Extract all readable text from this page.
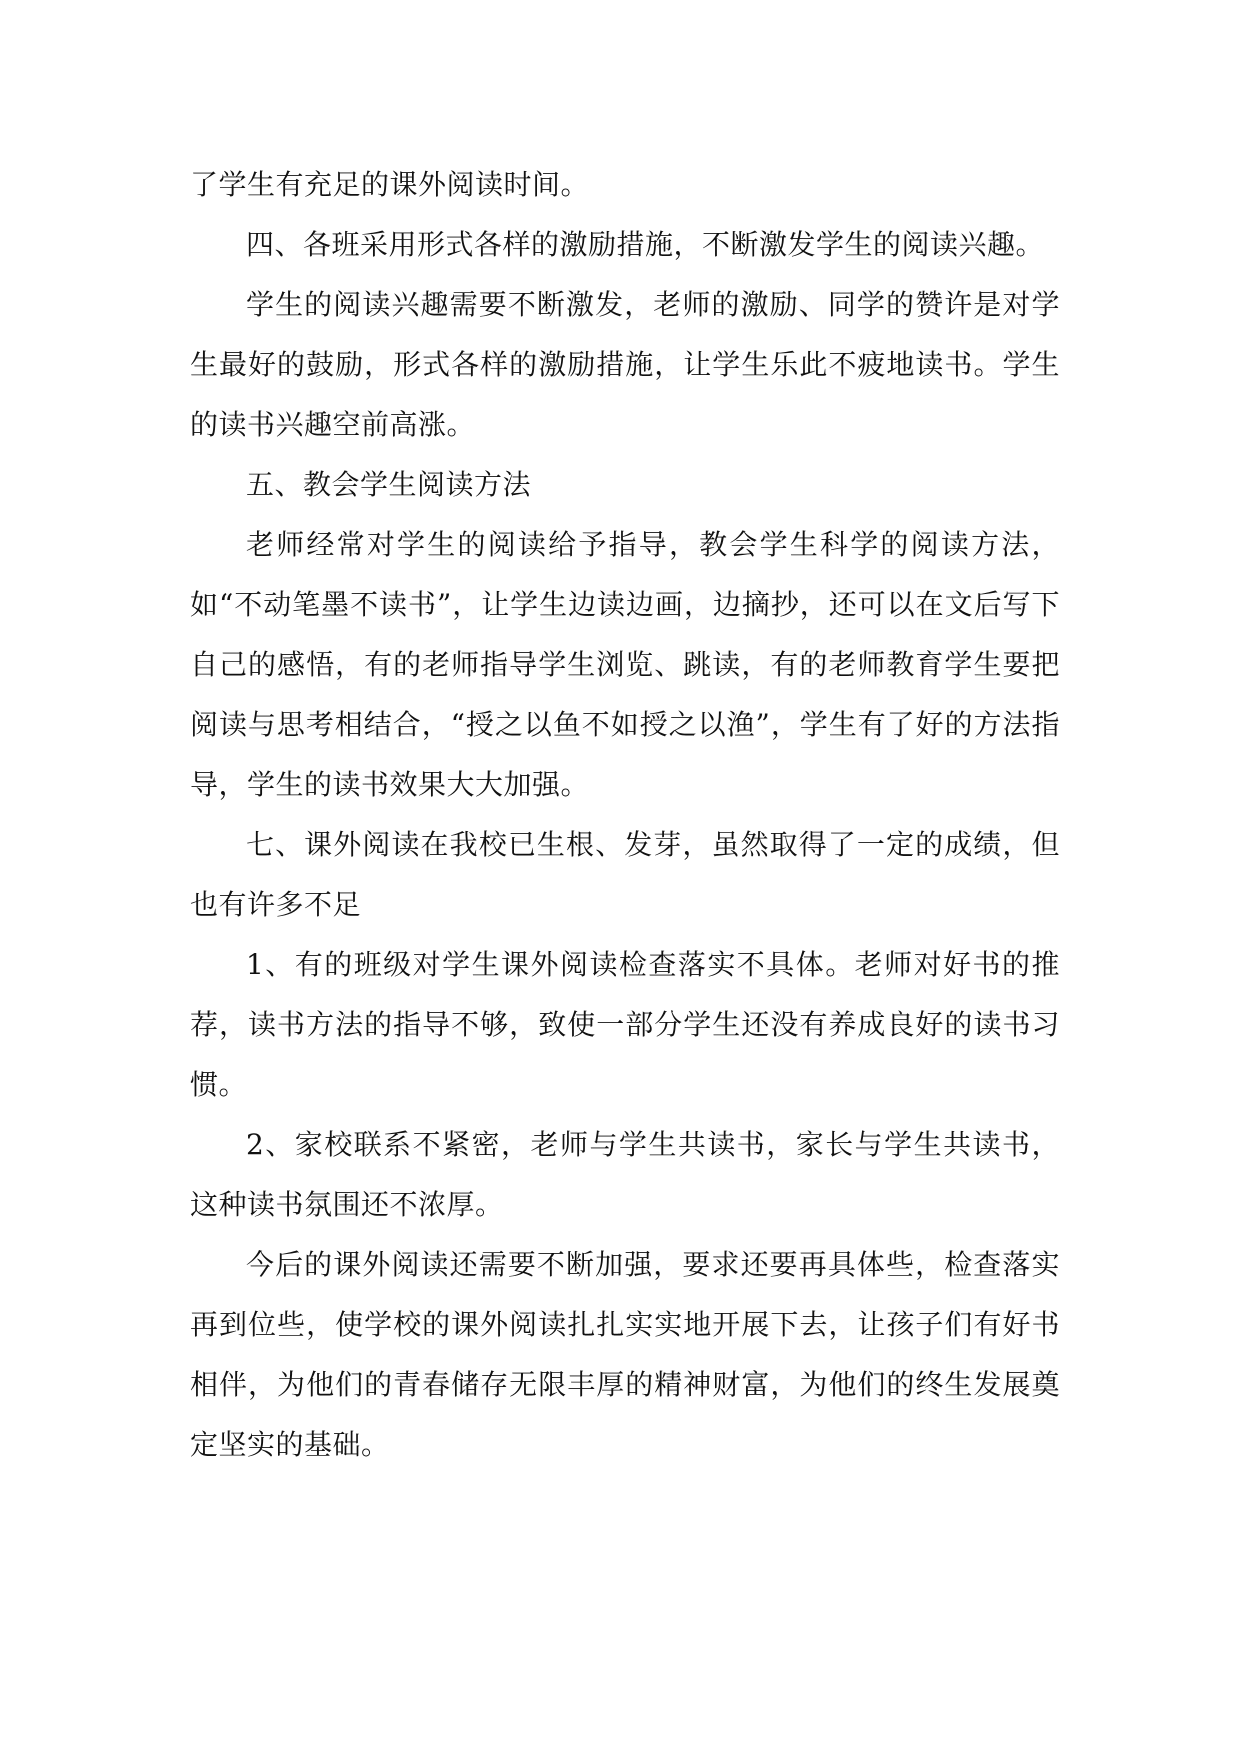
了学生有充足的课外阅读时间。

四、各班采用形式各样的激励措施，不断激发学生的阅读兴趣。

学生的阅读兴趣需要不断激发，老师的激励、同学的赞许是对学生最好的鼓励，形式各样的激励措施，让学生乐此不疲地读书。学生的读书兴趣空前高涨。

五、教会学生阅读方法

老师经常对学生的阅读给予指导，教会学生科学的阅读方法，如“不动笔墨不读书”，让学生边读边画，边摘抄，还可以在文后写下自己的感悟，有的老师指导学生浏览、跳读，有的老师教育学生要把阅读与思考相结合，“授之以鱼不如授之以渔”，学生有了好的方法指导，学生的读书效果大大加强。

七、课外阅读在我校已生根、发芽，虽然取得了一定的成绩，但也有许多不足

1、有的班级对学生课外阅读检查落实不具体。老师对好书的推荐，读书方法的指导不够，致使一部分学生还没有养成良好的读书习惯。

2、家校联系不紧密，老师与学生共读书，家长与学生共读书，这种读书氛围还不浓厚。

今后的课外阅读还需要不断加强，要求还要再具体些，检查落实再到位些，使学校的课外阅读扎扎实实地开展下去，让孩子们有好书相伴，为他们的青春储存无限丰厚的精神财富，为他们的终生发展奠定坚实的基础。
